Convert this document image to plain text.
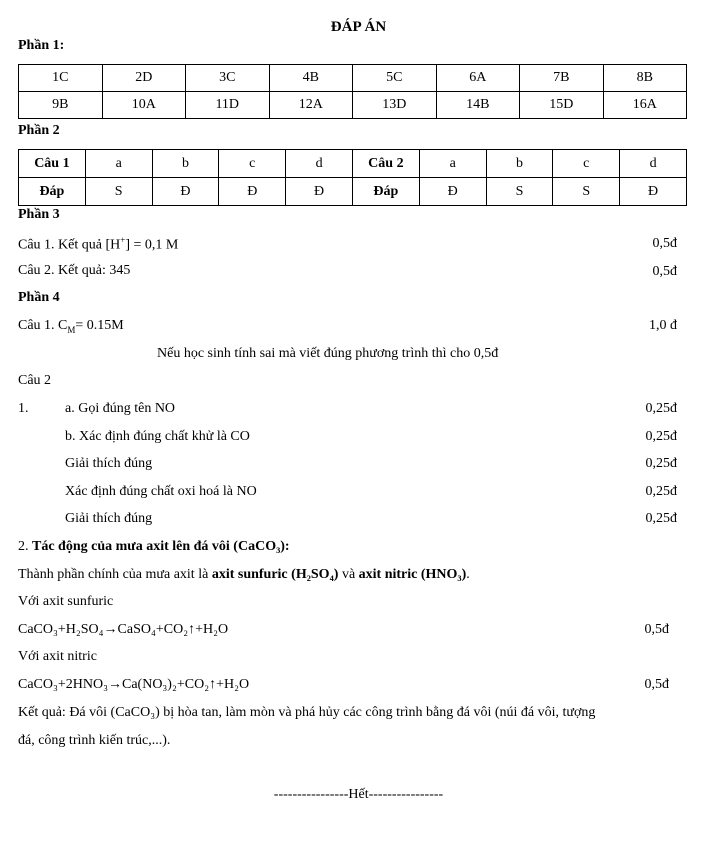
ĐÁP ÁN
Phần 1:
1C	2D	3C	4B	5C	6A	7B	8B
9B	10A	11D	12A	13D	14B	15D	16A
Phần 2
Câu 1	a	b	c	d	Câu 2	a	b	c	d
Đáp	S	Đ	Đ	Đ	Đáp	Đ	S	S	Đ
Phần 3
Câu 1. Kết quả [H+] = 0,1 M	0,5đ
Câu 2. Kết quả: 345	0,5đ
Phần 4
Câu 1. $C_M= 0.15M$	1,0 đ
Nếu học sinh tính sai mà viết đúng phương trình thì cho 0,5đ
Câu 2
1.	a. Gọi đúng tên NO	0,25đ
b. Xác định đúng chất khử là CO	0,25đ
Giải thích đúng	0,25đ
Xác định đúng chất oxi hoá là NO	0,25đ
Giải thích đúng	0,25đ
2. Tác động của mưa axit lên đá vôi (CaCO₃):
Thành phần chính của mưa axit là axit sunfuric (H₂SO₄) và axit nitric (HNO₃).
Với axit sunfuric
CaCO₃+H₂SO₄→CaSO₄+CO₂↑+H₂O	0,5đ
Với axit nitric
CaCO₃+2HNO₃→Ca(NO₃)₂+CO₂↑+H₂O	0,5đ
Kết quả: Đá vôi (CaCO₃) bị hòa tan, làm mòn và phá hủy các công trình bằng đá vôi (núi đá vôi, tượng
đá, công trình kiến trúc,...).
----------------Hết----------------
